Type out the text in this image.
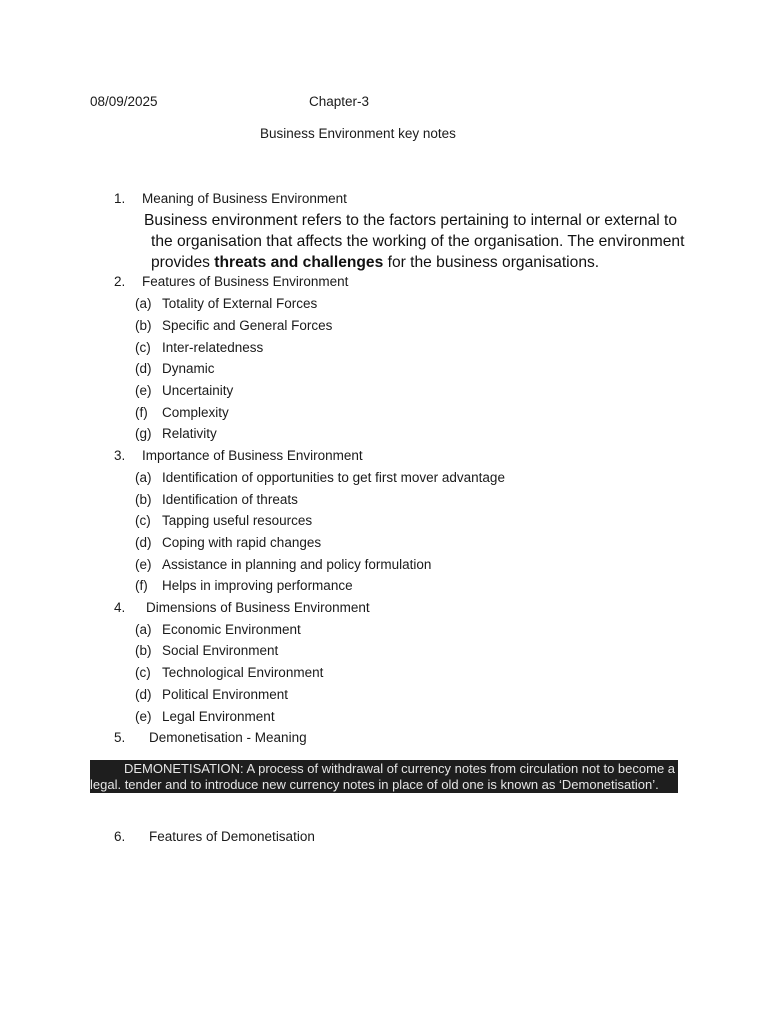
08/09/2025	Chapter-3
Business Environment key notes
1. Meaning of Business Environment
Business environment refers to the factors pertaining to internal or external to
the organisation that affects the working of the organisation. The environment
provides threats and challenges for the business organisations.
2. Features of Business Environment
(a) Totality of External Forces
(b) Specific and General Forces
(c) Inter-relatedness
(d) Dynamic
(e) Uncertainity
(f) Complexity
(g) Relativity
3. Importance of Business Environment
(a) Identification of opportunities to get first mover advantage
(b) Identification of threats
(c) Tapping useful resources
(d) Coping with rapid changes
(e) Assistance in planning and policy formulation
(f) Helps in improving performance
4. Dimensions of Business Environment
(a) Economic Environment
(b) Social Environment
(c) Technological Environment
(d) Political Environment
(e) Legal Environment
5. Demonetisation - Meaning
DEMONETISATION: A process of withdrawal of currency notes from circulation not to become a
legal. tender and to introduce new currency notes in place of old one is known as ‘Demonetisation’.
6. Features of Demonetisation
